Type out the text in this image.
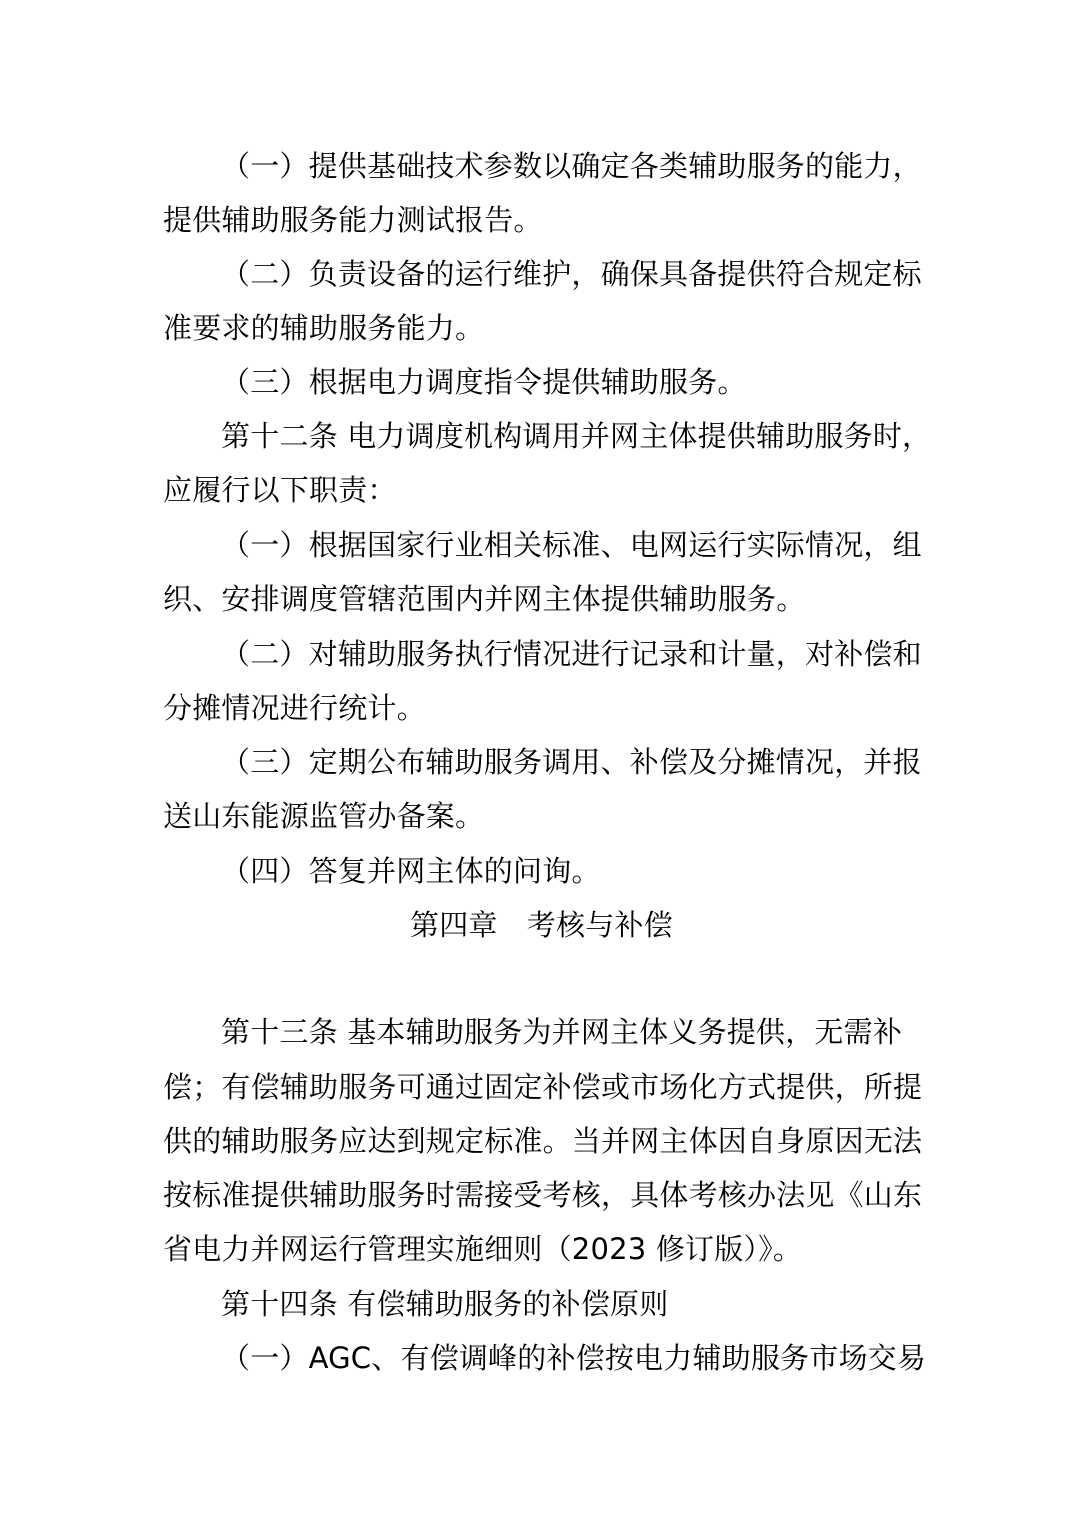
（一）提供基础技术参数以确定各类辅助服务的能力，
提供辅助服务能力测试报告。
（二）负责设备的运行维护，确保具备提供符合规定标
准要求的辅助服务能力。
（三）根据电力调度指令提供辅助服务。
第十二条 电力调度机构调用并网主体提供辅助服务时，
应履行以下职责：
（一）根据国家行业相关标准、电网运行实际情况，组
织、安排调度管辖范围内并网主体提供辅助服务。
（二）对辅助服务执行情况进行记录和计量，对补偿和
分摊情况进行统计。
（三）定期公布辅助服务调用、补偿及分摊情况，并报
送山东能源监管办备案。
（四）答复并网主体的问询。
第四章　考核与补偿
第十三条 基本辅助服务为并网主体义务提供，无需补
偿；有偿辅助服务可通过固定补偿或市场化方式提供，所提
供的辅助服务应达到规定标准。当并网主体因自身原因无法
按标准提供辅助服务时需接受考核，具体考核办法见《山东
省电力并网运行管理实施细则（2023 修订版）》。
第十四条 有偿辅助服务的补偿原则
（一）AGC、有偿调峰的补偿按电力辅助服务市场交易
